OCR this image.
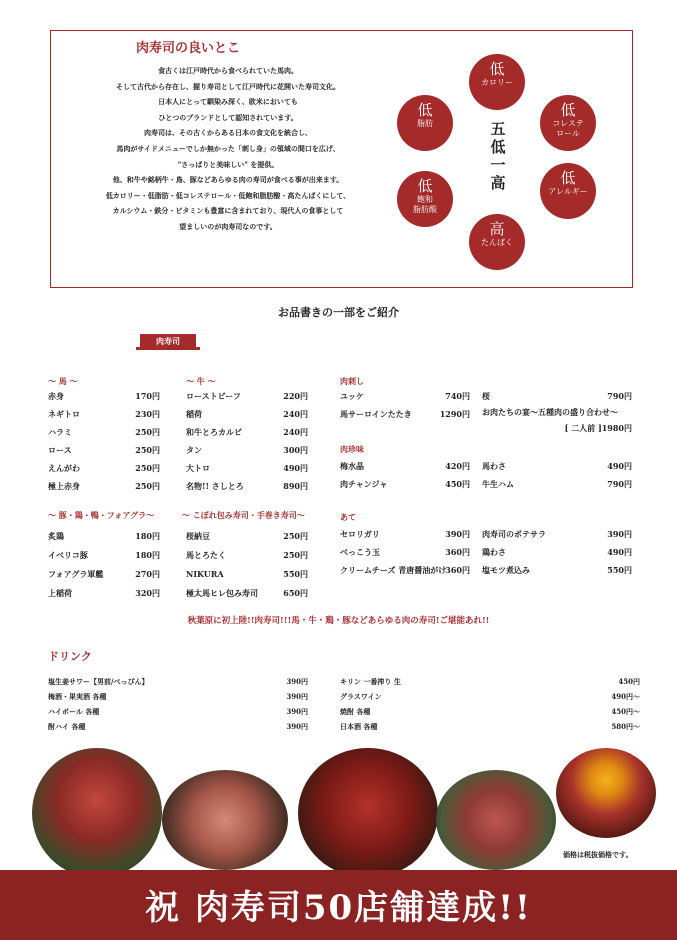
肉寿司の良いとこ
食古くは江戸時代から食べられていた馬肉。
そして古代から存在し、握り寿司として江戸時代に花開いた寿司文化。
日本人にとって馴染み深く、欧米においても
ひとつのブランドとして認知されています。
肉寿司は、その古くからある日本の食文化を統合し、
馬肉がサイドメニューでしか無かった「刺し身」の領域の間口を広げ、
"さっぱりと美味しい" を提供。
他、和牛や銘柄牛・鳥、豚などあらゆる肉の寿司が食べる事が出来ます。
低カロリー・低脂肪・低コレステロール・低飽和脂肪酸・高たんぱくにして、
カルシウム・鉄分・ビタミンも豊富に含まれており、現代人の食事として
望ましいのが肉寿司なのです。
五
低
一
高
低
カロリー
低
コレステ
ロール
低
アレルギー
高
たんぱく
低
飽和
脂肪酸
低
脂肪
お品書きの一部をご紹介
肉寿司
～ 馬 ～	～ 牛 ～
～ 豚・鶏・鴨・フォアグラ～	～ こぼれ包み寿司・手巻き寿司～
肉刺し
肉珍味
あて
赤身	170円
ネギトロ	230円
ハラミ	250円
ロース	250円
えんがわ	250円
極上赤身	250円
ローストビーフ	220円
稲荷	240円
和牛とろカルビ	240円
タン	300円
大トロ	490円
名物!! さしとろ	890円
炙鶏	180円
イベリコ豚	180円
フォアグラ軍艦	270円
上稲荷	320円
桜納豆	250円
馬とろたく	250円
NIKURA	550円
極太馬ヒレ包み寿司	650円
ユッケ	740円
馬サーロインたたき	1290円
桜	790円
お肉たちの宴～五種肉の盛り合わせ～
[ 二人前 ]1980円
梅水晶	420円
肉チャンジャ	450円
馬わさ	490円
牛生ハム	790円
セロリガリ	390円
べっこう玉	360円
クリームチーズ 青唐醤油がけ 360円
肉寿司のポテサラ	390円
鶏わさ	490円
塩モツ煮込み	550円
秋葉原に初上陸!!肉寿司!!!馬・牛・鶏・豚などあらゆる肉の寿司!ご堪能あれ!!
ドリンク
塩生姜サワー【男前/べっぴん】	390円
梅酒・果実酒 各種	390円
ハイボール 各種	390円
酎ハイ 各種	390円
キリン 一番搾り 生	450円
グラスワイン	490円～
焼酎 各種	450円～
日本酒 各種	580円～
価格は税抜価格です。
祝 肉寿司50店舗達成!!
